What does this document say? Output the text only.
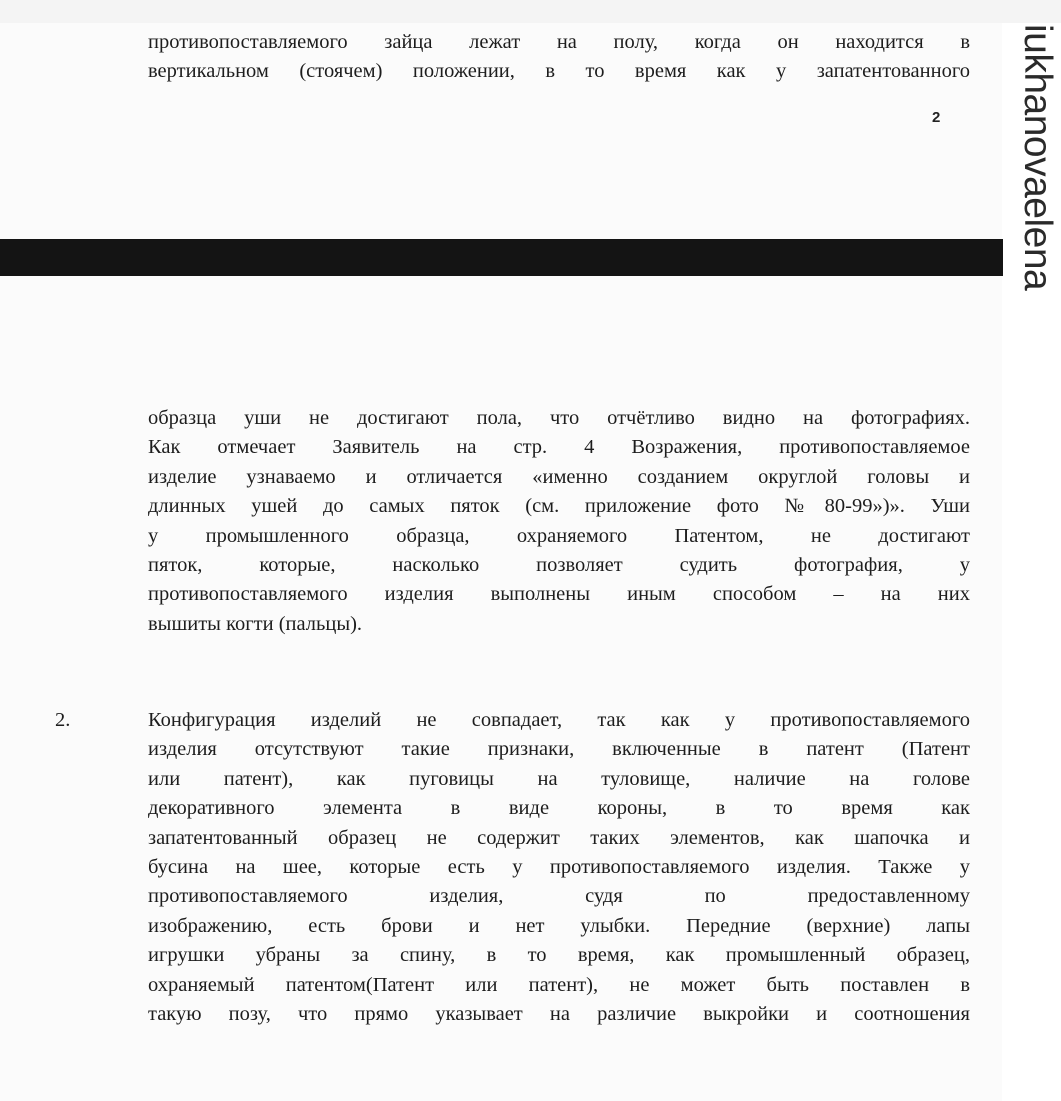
противопоставляемого зайца лежат на полу, когда он находится в
вертикальном (стоячем) положении, в то время как у запатентованного
2
образца уши не достигают пола, что отчётливо видно на фотографиях.
Как отмечает Заявитель на стр. 4 Возражения, противопоставляемое
изделие узнаваемо и отличается «именно созданием округлой головы и
длинных ушей до самых пяток (см. приложение фото №80-99»)». Уши
у промышленного образца, охраняемого Патентом, не достигают
пяток, которые, насколько позволяет судить фотография, у
противопоставляемого изделия выполнены иным способом – на них
вышиты когти (пальцы).
2.	Конфигурация изделий не совпадает, так как у противопоставляемого
изделия отсутствуют такие признаки, включенные в патент (Патент
или патент), как пуговицы на туловище, наличие на голове
декоративного элемента в виде короны, в то время как
запатентованный образец не содержит таких элементов, как шапочка и
бусина на шее, которые есть у противопоставляемого изделия. Также у
противопоставляемого изделия, судя по предоставленному
изображению, есть брови и нет улыбки. Передние (верхние) лапы
игрушки убраны за спину, в то время, как промышленный образец,
охраняемый патентом(Патент или патент), не может быть поставлен в
такую позу, что прямо указывает на различие выкройки и соотношения
iukhanovaelena
